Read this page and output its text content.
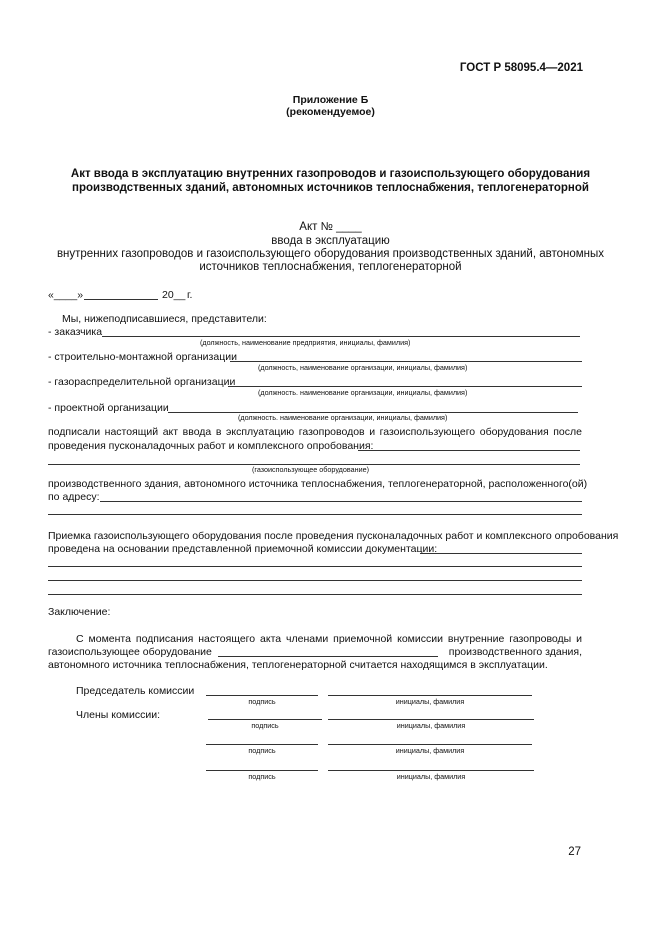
ГОСТ Р 58095.4—2021
Приложение Б
(рекомендуемое)
Акт ввода в эксплуатацию внутренних газопроводов и газоиспользующего оборудования
производственных зданий, автономных источников теплоснабжения, теплогенераторной
Акт № ____
ввода в эксплуатацию
внутренних газопроводов и газоиспользующего оборудования производственных зданий, автономных
источников теплоснабжения, теплогенераторной
«____»	20__ г.
Мы, нижеподписавшиеся, представители:
- заказчика
(должность, наименование предприятия, инициалы, фамилия)
- строительно-монтажной организации
(должность, наименование организации, инициалы, фамилия)
- газораспределительной организации
(должность. наименование организации, инициалы, фамилия)
- проектной организации
(должность. наименование организации, инициалы, фамилия)
подписали настоящий акт ввода в эксплуатацию газопроводов и газоиспользующего оборудования после
проведения пусконаладочных работ и комплексного опробования:
(газоиспользующее оборудование)
производственного здания, автономного источника теплоснабжения, теплогенераторной, расположенного(ой)
по адресу:
Приемка газоиспользующего оборудования после проведения пусконаладочных работ и комплексного опробования
проведена на основании представленной приемочной комиссии документации:
Заключение:
С момента подписания настоящего акта членами приемочной комиссии внутренние газопроводы и
газоиспользующее оборудование	производственного здания,
автономного источника теплоснабжения, теплогенераторной считается находящимся в эксплуатации.
Председатель комиссии
подпись	инициалы, фамилия
Члены комиссии:
подпись	инициалы, фамилия
подпись	инициалы, фамилия
подпись	инициалы, фамилия
27
